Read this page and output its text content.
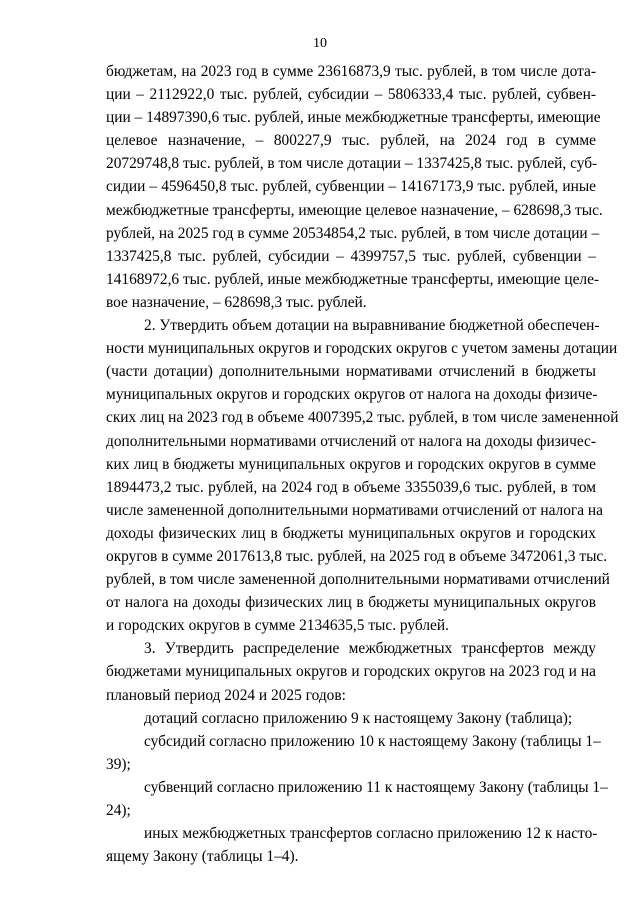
10
бюджетам, на 2023 год в сумме 23616873,9 тыс. рублей, в том числе дота-
ции – 2112922,0 тыс. рублей, субсидии – 5806333,4 тыс. рублей, субвен-
ции – 14897390,6 тыс. рублей, иные межбюджетные трансферты, имеющие
целевое назначение, – 800227,9 тыс. рублей, на 2024 год в сумме
20729748,8 тыс. рублей, в том числе дотации – 1337425,8 тыс. рублей, суб-
сидии – 4596450,8 тыс. рублей, субвенции – 14167173,9 тыс. рублей, иные
межбюджетные трансферты, имеющие целевое назначение, – 628698,3 тыс.
рублей, на 2025 год в сумме 20534854,2 тыс. рублей, в том числе дотации –
1337425,8 тыс. рублей, субсидии – 4399757,5 тыс. рублей, субвенции –
14168972,6 тыс. рублей, иные межбюджетные трансферты, имеющие целе-
вое назначение, – 628698,3 тыс. рублей.
2. Утвердить объем дотации на выравнивание бюджетной обеспечен-
ности муниципальных округов и городских округов с учетом замены дотации
(части дотации) дополнительными нормативами отчислений в бюджеты
муниципальных округов и городских округов от налога на доходы физиче-
ских лиц на 2023 год в объеме 4007395,2 тыс. рублей, в том числе замененной
дополнительными нормативами отчислений от налога на доходы физичес-
ких лиц в бюджеты муниципальных округов и городских округов в сумме
1894473,2 тыс. рублей, на 2024 год в объеме 3355039,6 тыс. рублей, в том
числе замененной дополнительными нормативами отчислений от налога на
доходы физических лиц в бюджеты муниципальных округов и городских
округов в сумме 2017613,8 тыс. рублей, на 2025 год в объеме 3472061,3 тыс.
рублей, в том числе замененной дополнительными нормативами отчислений
от налога на доходы физических лиц в бюджеты муниципальных округов
и городских округов в сумме 2134635,5 тыс. рублей.
3. Утвердить распределение межбюджетных трансфертов между
бюджетами муниципальных округов и городских округов на 2023 год и на
плановый период 2024 и 2025 годов:
дотаций согласно приложению 9 к настоящему Закону (таблица);
субсидий согласно приложению 10 к настоящему Закону (таблицы 1–
39);
субвенций согласно приложению 11 к настоящему Закону (таблицы 1–
24);
иных межбюджетных трансфертов согласно приложению 12 к насто-
ящему Закону (таблицы 1–4).
